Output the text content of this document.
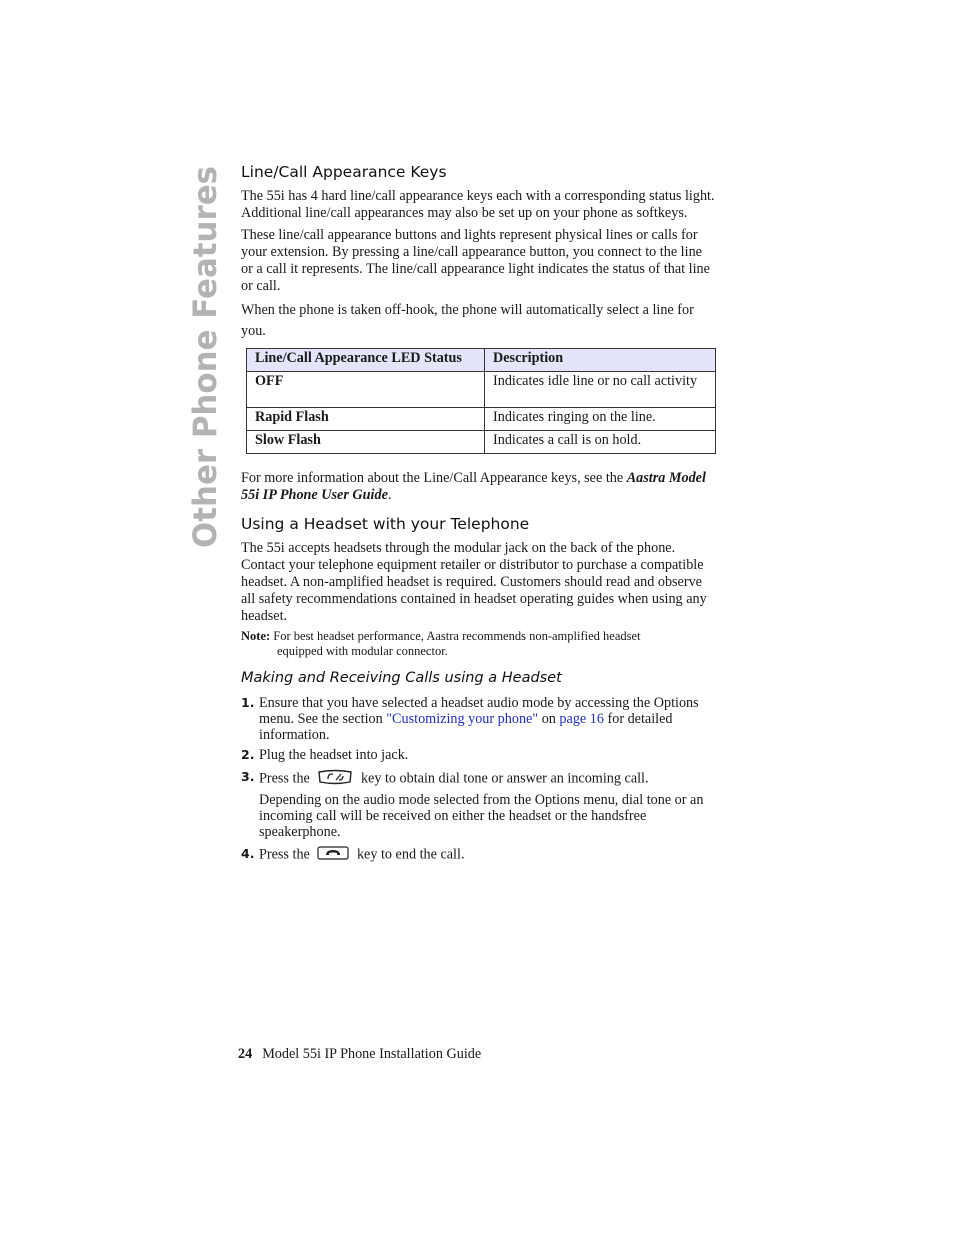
Other Phone Features Line/Call Appearance Keys

The 55i has 4 hard line/call appearance keys each with a corresponding status light. Additional line/call appearances may also be set up on your phone as softkeys.

These line/call appearance buttons and lights represent physical lines or calls for your extension. By pressing a line/call appearance button, you connect to the line or a call it represents. The line/call appearance light indicates the status of that line or call.

When the phone is taken off-hook, the phone will automatically select a line for you.

Line/Call Appearance LED Status	Description
OFF	Indicates idle line or no call activity
Rapid Flash	Indicates ringing on the line.
Slow Flash	Indicates a call is on hold.

For more information about the Line/Call Appearance keys, see the Aastra Model 55i IP Phone User Guide.

Using a Headset with your Telephone

The 55i accepts headsets through the modular jack on the back of the phone. Contact your telephone equipment retailer or distributor to purchase a compatible headset. A non-amplified headset is required. Customers should read and observe all safety recommendations contained in headset operating guides when using any headset.

Note: For best headset performance, Aastra recommends non-amplified headset
equipped with modular connector.
Making and Receiving Calls using a Headset
1. Ensure that you have selected a headset audio mode by accessing the Options menu. See the section "Customizing your phone" on page 16 for detailed information.
2. Plug the headset into jack.
3. Press the	key to obtain dial tone or answer an incoming call.
Depending on the audio mode selected from the Options menu, dial tone or an incoming call will be received on either the headset or the handsfree speakerphone.
4. Press the	key to end the call.
24 Model 55i IP Phone Installation Guide
